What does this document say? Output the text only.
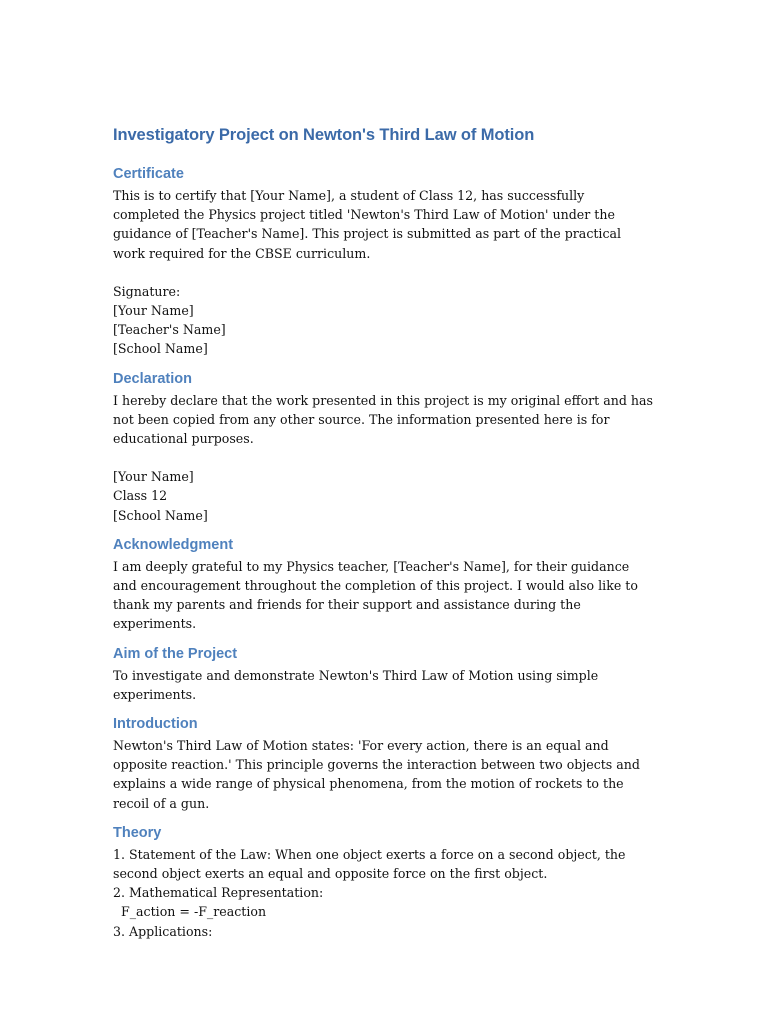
Investigatory Project on Newton's Third Law of Motion
Certificate

This is to certify that [Your Name], a student of Class 12, has successfully completed the Physics project titled 'Newton's Third Law of Motion' under the guidance of [Teacher's Name]. This project is submitted as part of the practical work required for the CBSE curriculum.

Signature:
[Your Name]
[Teacher's Name]
[School Name]
Declaration

I hereby declare that the work presented in this project is my original effort and has not been copied from any other source. The information presented here is for educational purposes.

[Your Name]
Class 12
[School Name]
Acknowledgment

I am deeply grateful to my Physics teacher, [Teacher's Name], for their guidance and encouragement throughout the completion of this project. I would also like to thank my parents and friends for their support and assistance during the experiments.

Aim of the Project

To investigate and demonstrate Newton's Third Law of Motion using simple experiments.

Introduction

Newton's Third Law of Motion states: 'For every action, there is an equal and opposite reaction.' This principle governs the interaction between two objects and explains a wide range of physical phenomena, from the motion of rockets to the recoil of a gun.

Theory

1. Statement of the Law: When one object exerts a force on a second object, the second object exerts an equal and opposite force on the first object.

2. Mathematical Representation:
F_action = -F_reaction
3. Applications:
